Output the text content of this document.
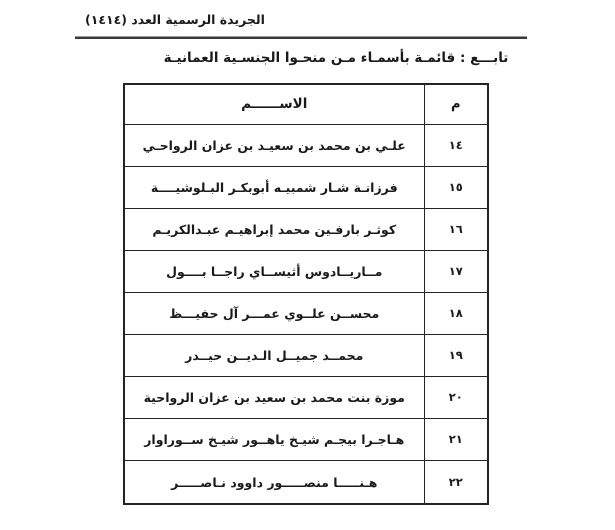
الجريدة الرسمية العدد (١٤١٤)
تابـــع : قائمـة بأسمـاء مـن منحـوا الجنسـية العمانيـة
م	الاســــــم
١٤	علـي بن محمد بن سعيـد بن عزان الرواحـي
١٥	فرزانـة شـار شمبيـه أبوبكـر البـلوشيــــة
١٦	كوثـر بارفـين محمد إبراهيـم عبـدالكريـم
١٧	مــاريــادوس أثيســاي راجــا بــــول
١٨	محســن علــوي عمـــر آل حفيـــظ
١٩	محمــد جميــل الـديــن حيــدر
٢٠	موزة بنت محمد بن سعيد بن عزان الرواحية
٢١	هـاجـرا بيجـم شيـخ ياهــور شيـخ ســوراوار
٢٢	هـنـــــا منصـــــور داوود نـاصـــــر
